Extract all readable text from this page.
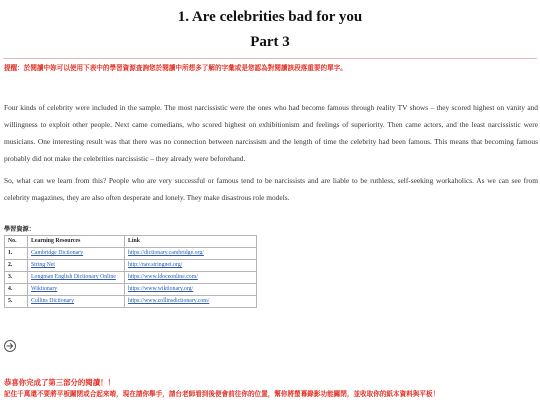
1. Are celebrities bad for you
Part 3
提醒：於閱讀中妳可以使用下表中的學習資源查詢您於閱讀中所想多了解的字彙或是您認為對閱讀該段落重要的單字。

Four kinds of celebrity were included in the sample. The most narcissistic were the ones who had become famous through reality TV shows – they scored highest on vanity and willingness to exploit other people. Next came comedians, who scored highest on exhibitionism and feelings of superiority. Then came actors, and the least narcissistic were musicians. One interesting result was that there was no connection between narcissism and the length of time the celebrity had been famous. This means that becoming famous probably did not make the celebrities narcissistic – they already were beforehand.

So, what can we learn from this? People who are very successful or famous tend to be narcissists and are liable to be ruthless, self-seeking workaholics. As we can see from celebrity magazines, they are also often desperate and lonely. They make disastrous role models.

學習資源：
No.	Learning Resources	Link
1.	Cambridge Dictionary	https://dictionary.cambridge.org/
2.	String Net	http://nav.stringnet.org/
3.	Longman English Dictionary Online	https://www.ldoceonline.com/
4.	Wiktionary	https://www.wiktionary.org/
5.	Collins Dictionary	https://www.collinsdictionary.com/
恭喜你完成了第三部分的閱讀！！
記住千萬還不要將平板關閉或合起來唷，現在請你舉手，請台老師看到後便會前往你的位置，幫你將螢幕錄影功能關閉，並收取你的紙本資料與平板！
